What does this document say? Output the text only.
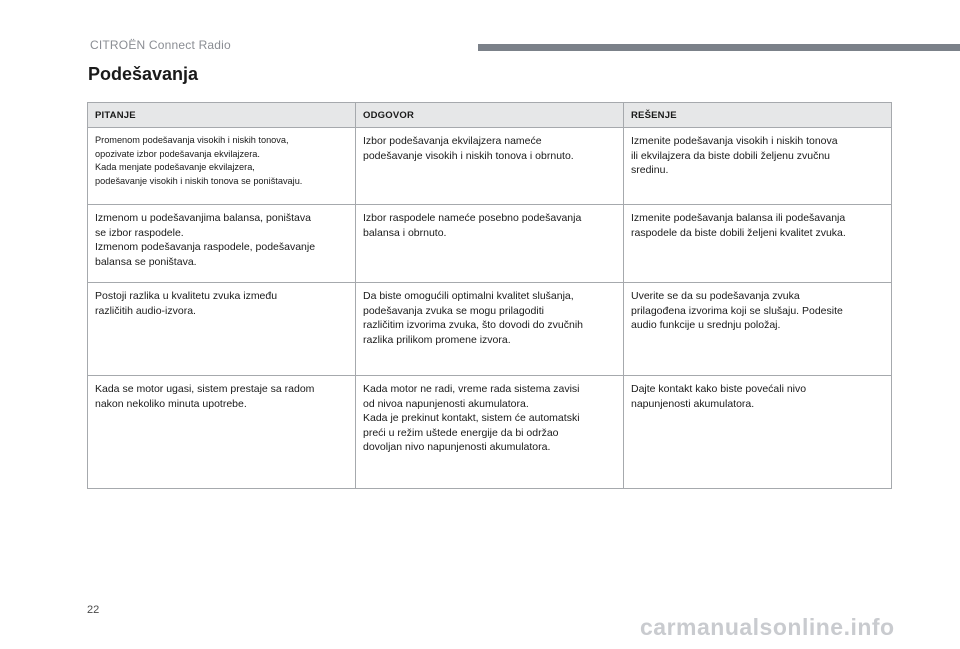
CITROËN Connect Radio
Podešavanja
PITANJE	ODGOVOR	REŠENJE

Promenom podešavanja visokih i niskih tonova,
opozivate izbor podešavanja ekvilajzera.
Kada menjate podešavanje ekvilajzera,
podešavanje visokih i niskih tonova se poništavaju.	Izbor podešavanja ekvilajzera nameće
podešavanje visokih i niskih tonova i obrnuto.	Izmenite podešavanja visokih i niskih tonova
ili ekvilajzera da biste dobili željenu zvučnu
sredinu.

Izmenom u podešavanjima balansa, poništava
se izbor raspodele.
Izmenom podešavanja raspodele, podešavanje
balansa se poništava.	Izbor raspodele nameće posebno podešavanja
balansa i obrnuto.	Izmenite podešavanja balansa ili podešavanja
raspodele da biste dobili željeni kvalitet zvuka.

Postoji razlika u kvalitetu zvuka između
različitih audio-izvora.	Da biste omogućili optimalni kvalitet slušanja,
podešavanja zvuka se mogu prilagoditi
različitim izvorima zvuka, što dovodi do zvučnih
razlika prilikom promene izvora.	Uverite se da su podešavanja zvuka
prilagođena izvorima koji se slušaju. Podesite
audio funkcije u srednju položaj.

Kada se motor ugasi, sistem prestaje sa radom
nakon nekoliko minuta upotrebe.	Kada motor ne radi, vreme rada sistema zavisi
od nivoa napunjenosti akumulatora.
Kada je prekinut kontakt, sistem će automatski
preći u režim uštede energije da bi održao
dovoljan nivo napunjenosti akumulatora.	Dajte kontakt kako biste povećali nivo
napunjenosti akumulatora.
22
carmanualsonline.info
